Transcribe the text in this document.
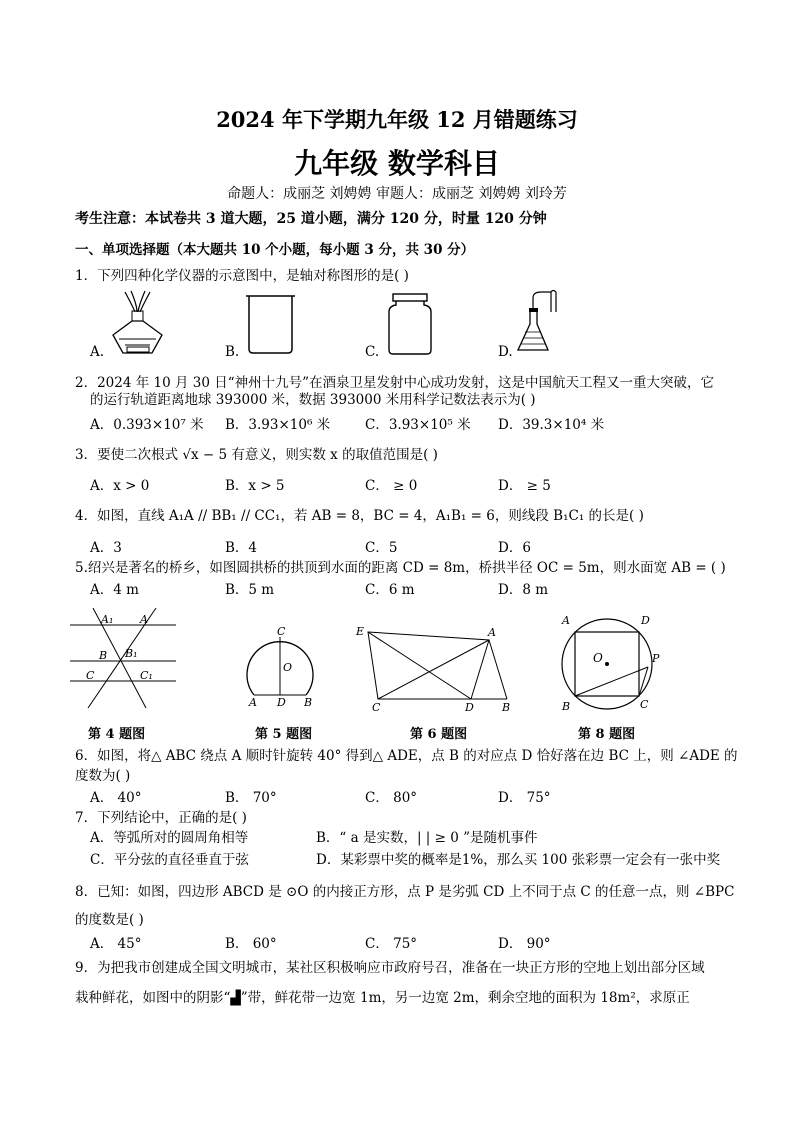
2024 年下学期九年级 12 月错题练习
九年级 数学科目
命题人：成丽芝 刘娉娉 审题人：成丽芝 刘娉娉 刘玲芳
考生注意：本试卷共 3 道大题，25 道小题，满分 120 分，时量 120 分钟
一、单项选择题（本大题共 10 个小题，每小题 3 分，共 30 分）
1．下列四种化学仪器的示意图中，是轴对称图形的是( )
A.	B.	C.	D.
2．2024 年 10 月 30 日“神州十九号”在酒泉卫星发射中心成功发射，这是中国航天工程又一重大突破，它
的运行轨道距离地球 393000 米，数据 393000 米用科学记数法表示为( )
A．0.393×10⁷ 米 B．3.93×10⁶ 米	C．3.93×10⁵ 米 D．39.3×10⁴ 米
3．要使二次根式 √x − 5 有意义，则实数 x 的取值范围是( )
A．x > 0	B．x > 5	C． ≥ 0	D． ≥ 5
4．如图，直线 A₁A // BB₁ // CC₁，若 AB = 8，BC = 4，A₁B₁ = 6，则线段 B₁C₁ 的长是( )
A．3	B．4	C．5	D．6
5.绍兴是著名的桥乡，如图圆拱桥的拱顶到水面的距离 CD = 8m，桥拱半径 OC = 5m，则水面宽 AB = ( )
A．4 m	B．5 m	C．6 m	D．8 m
A₁ A
B B₁
C	C₁
第 4 题图
C
O
A D B
第 5 题图
E	A
C	D	B
第 6 题图
A	D
O	P
B	C
第 8 题图
6．如图，将△ ABC 绕点 A 顺时针旋转 40° 得到△ ADE，点 B 的对应点 D 恰好落在边 BC 上，则 ∠ADE 的
度数为( )
A． 40°	B． 70°	C． 80°	D． 75°
7．下列结论中，正确的是( )
A．等弧所对的圆周角相等	B．“ a 是实数，| | ≥ 0 ”是随机事件
C．平分弦的直径垂直于弦	D．某彩票中奖的概率是1%，那么买 100 张彩票一定会有一张中奖
8．已知：如图，四边形 ABCD 是 ⊙O 的内接正方形，点 P 是劣弧 CD 上不同于点 C 的任意一点，则 ∠BPC
的度数是( )
A． 45°	B． 60°	C． 75°	D． 90°
9．为把我市创建成全国文明城市，某社区积极响应市政府号召，准备在一块正方形的空地上划出部分区域
栽种鲜花，如图中的阴影“▟”带，鲜花带一边宽 1m，另一边宽 2m，剩余空地的面积为 18m²，求原正
